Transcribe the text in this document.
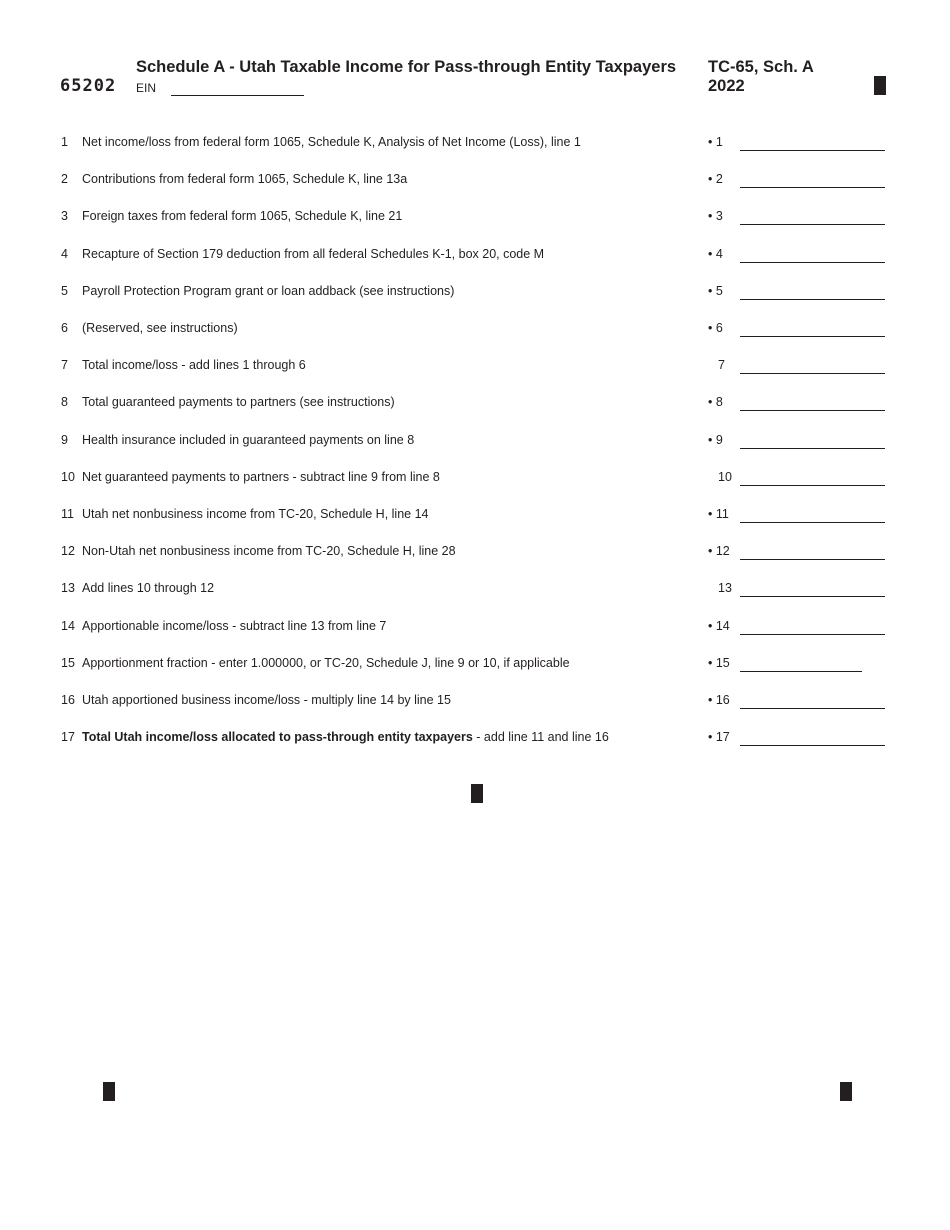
65202
Schedule A - Utah Taxable Income for Pass-through Entity Taxpayers
EIN
TC-65, Sch. A
2022
1 Net income/loss from federal form 1065, Schedule K, Analysis of Net Income (Loss), line 1	• 1
2 Contributions from federal form 1065, Schedule K, line 13a	• 2
3 Foreign taxes from federal form 1065, Schedule K, line 21	• 3
4 Recapture of Section 179 deduction from all federal Schedules K-1, box 20, code M	• 4
5 Payroll Protection Program grant or loan addback (see instructions)	• 5
6 (Reserved, see instructions)	• 6
7 Total income/loss - add lines 1 through 6	7
8 Total guaranteed payments to partners (see instructions)	• 8
9 Health insurance included in guaranteed payments on line 8	• 9
10 Net guaranteed payments to partners - subtract line 9 from line 8	10
11 Utah net nonbusiness income from TC-20, Schedule H, line 14	• 11
12 Non-Utah net nonbusiness income from TC-20, Schedule H, line 28	• 12
13 Add lines 10 through 12	13
14 Apportionable income/loss - subtract line 13 from line 7	• 14
15 Apportionment fraction - enter 1.000000, or TC-20, Schedule J, line 9 or 10, if applicable	• 15
16 Utah apportioned business income/loss - multiply line 14 by line 15	• 16
17 Total Utah income/loss allocated to pass-through entity taxpayers - add line 11 and line 16	• 17
